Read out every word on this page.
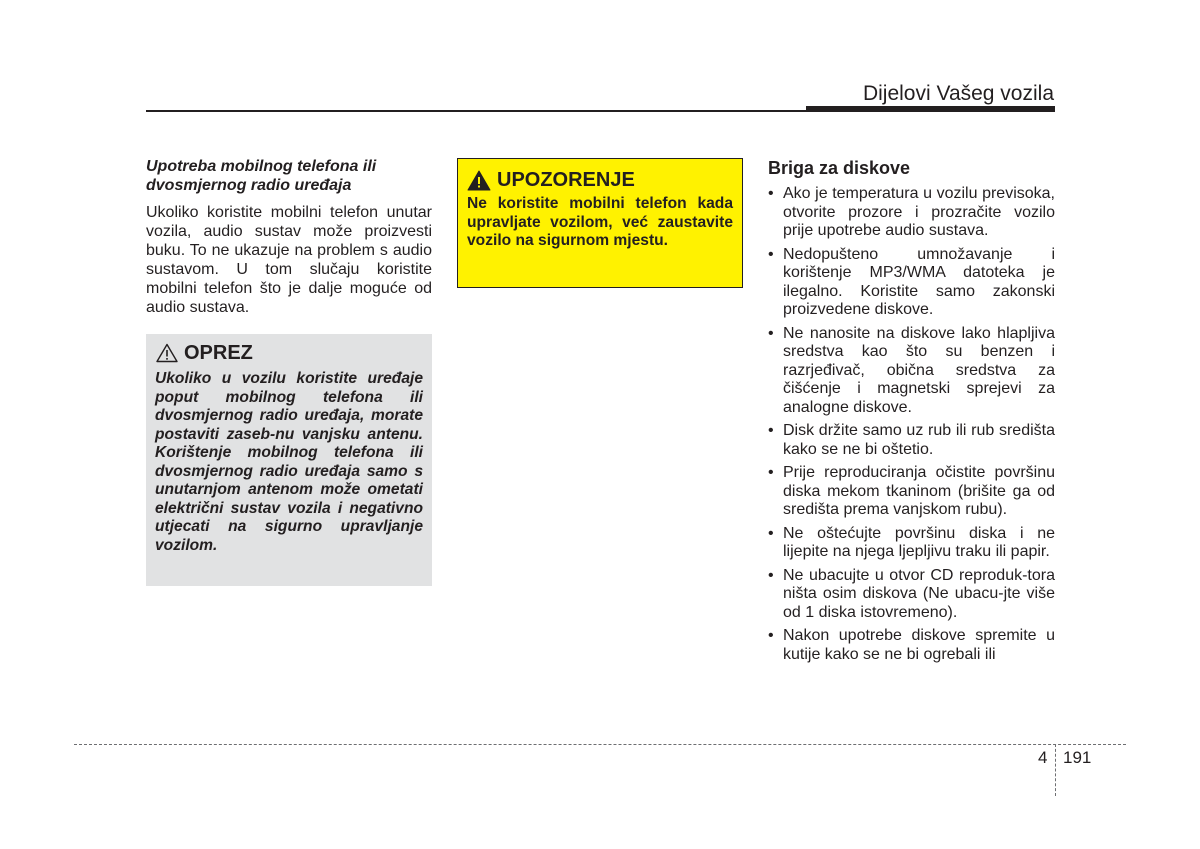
Dijelovi Vašeg vozila

Upotreba mobilnog telefona ili dvosmjernog radio uređaja

Ukoliko koristite mobilni telefon unutar vozila, audio sustav može proizvesti buku. To ne ukazuje na problem s audio sustavom. U tom slučaju koristite mobilni telefon što je dalje moguće od audio sustava.

OPREZ

Ukoliko u vozilu koristite uređaje poput mobilnog telefona ili dvosmjernog radio uređaja, morate postaviti zaseb-nu vanjsku antenu. Korištenje mobilnog telefona ili dvosmjernog radio uređaja samo s unutarnjom antenom može ometati električni sustav vozila i negativno utjecati na sigurno upravljanje vozilom.

UPOZORENJE

Ne koristite mobilni telefon kada upravljate vozilom, već zaustavite vozilo na sigurnom mjestu.

Briga za diskove

• Ako je temperatura u vozilu previsoka, otvorite prozore i prozračite vozilo prije upotrebe audio sustava.
• Nedopušteno umnožavanje i korištenje MP3/WMA datoteka je ilegalno. Koristite samo zakonski proizvedene diskove.
• Ne nanosite na diskove lako hlapljiva sredstva kao što su benzen i razrjeđivač, obična sredstva za čišćenje i magnetski sprejevi za analogne diskove.
• Disk držite samo uz rub ili rub središta kako se ne bi oštetio.
• Prije reproduciranja očistite površinu diska mekom tkaninom (brišite ga od središta prema vanjskom rubu).
• Ne oštećujte površinu diska i ne lijepite na njega ljepljivu traku ili papir.
• Ne ubacujte u otvor CD reproduk-tora ništa osim diskova (Ne ubacu-jte više od 1 diska istovremeno).
• Nakon upotrebe diskove spremite u kutije kako se ne bi ogrebali ili
4 191
